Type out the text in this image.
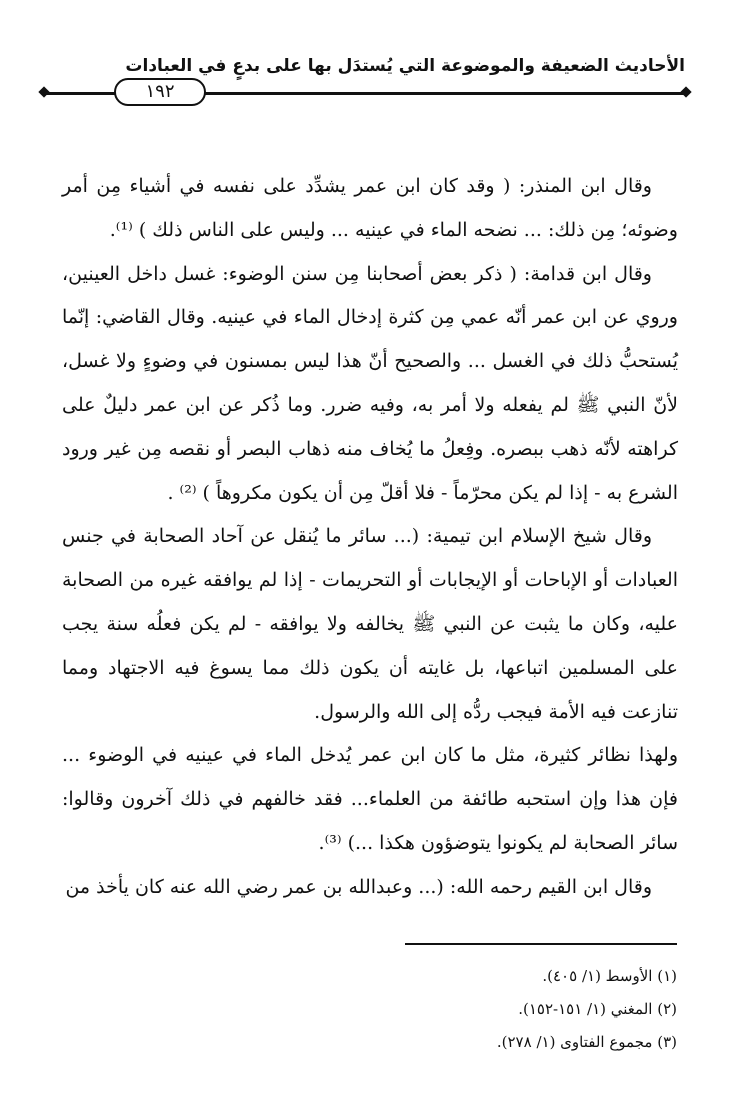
الأحاديث الضعيفة والموضوعة التي يُستدَل بها على بدعٍ في العبادات
١٩٢

وقال ابن المنذر: ( وقد كان ابن عمر يشدِّد على نفسه في أشياء مِن أمر وضوئه؛ مِن ذلك: ... نضحه الماء في عينيه ... وليس على الناس ذلك ) ⁽¹⁾.

وقال ابن قدامة: ( ذكر بعض أصحابنا مِن سنن الوضوء: غسل داخل العينين، وروي عن ابن عمر أنّه عمي مِن كثرة إدخال الماء في عينيه. وقال القاضي: إنّما يُستحبُّ ذلك في الغسل ... والصحيح أنّ هذا ليس بمسنون في وضوءٍ ولا غسل، لأنّ النبي ﷺ لم يفعله ولا أمر به، وفيه ضرر. وما ذُكر عن ابن عمر دليلٌ على كراهته لأنّه ذهب ببصره. وفِعلُ ما يُخاف منه ذهاب البصر أو نقصه مِن غير ورود الشرع به - إذا لم يكن محرّماً - فلا أقلّ مِن أن يكون مكروهاً ) ⁽²⁾ .

وقال شيخ الإسلام ابن تيمية: (... سائر ما يُنقل عن آحاد الصحابة في جنس العبادات أو الإباحات أو الإيجابات أو التحريمات - إذا لم يوافقه غيره من الصحابة عليه، وكان ما يثبت عن النبي ﷺ يخالفه ولا يوافقه - لم يكن فعلُه سنة يجب على المسلمين اتباعها، بل غايته أن يكون ذلك مما يسوغ فيه الاجتهاد ومما تنازعت فيه الأمة فيجب ردُّه إلى الله والرسول.

ولهذا نظائر كثيرة، مثل ما كان ابن عمر يُدخل الماء في عينيه في الوضوء ... فإن هذا وإن استحبه طائفة من العلماء... فقد خالفهم في ذلك آخرون وقالوا: سائر الصحابة لم يكونوا يتوضؤون هكذا ...) ⁽³⁾.

وقال ابن القيم رحمه الله: (... وعبدالله بن عمر رضي الله عنه كان يأخذ من

(١) الأوسط (١/ ٤٠٥).

(٢) المغني (١/ ١٥١-١٥٢).

(٣) مجموع الفتاوى (١/ ٢٧٨).
